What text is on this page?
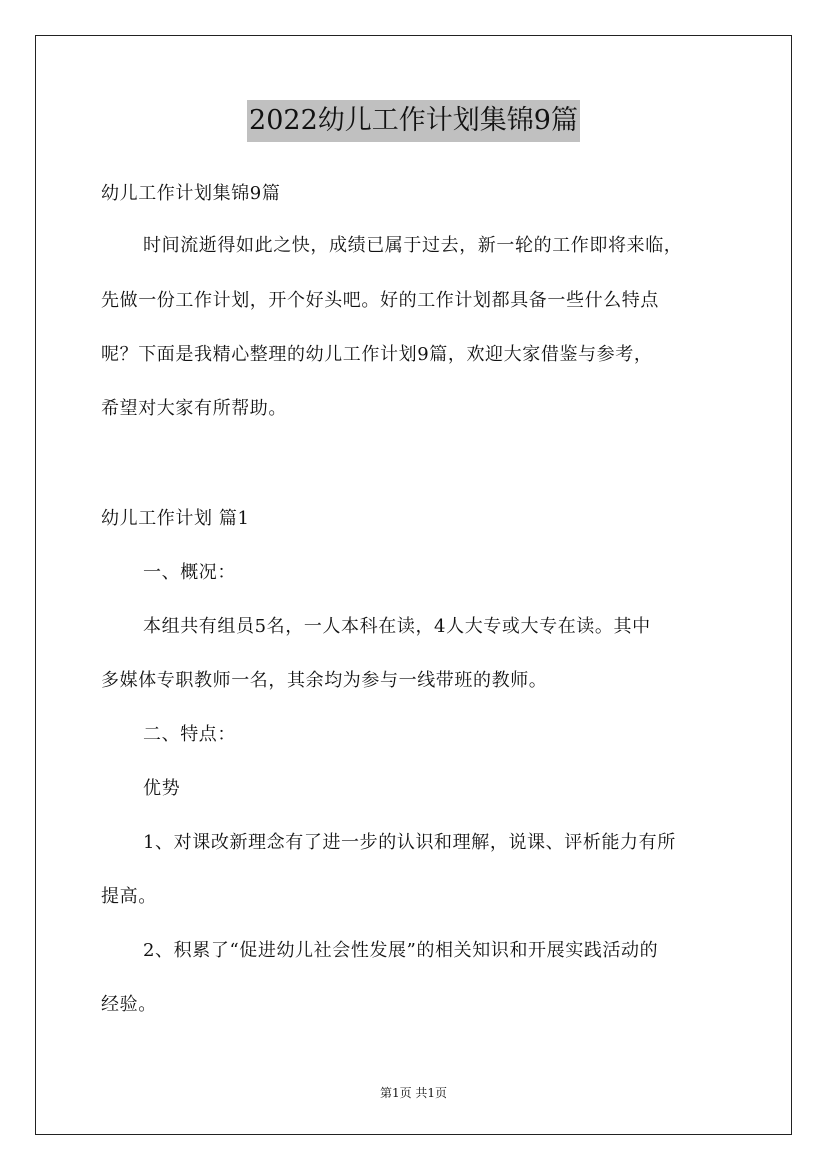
2022幼儿工作计划集锦9篇
幼儿工作计划集锦9篇
时间流逝得如此之快，成绩已属于过去，新一轮的工作即将来临，
先做一份工作计划，开个好头吧。好的工作计划都具备一些什么特点
呢？下面是我精心整理的幼儿工作计划9篇，欢迎大家借鉴与参考，
希望对大家有所帮助。
幼儿工作计划 篇1
一、概况：
本组共有组员5名，一人本科在读，4人大专或大专在读。其中
多媒体专职教师一名，其余均为参与一线带班的教师。
二、特点：
优势
1、对课改新理念有了进一步的认识和理解，说课、评析能力有所
提高。
2、积累了“促进幼儿社会性发展”的相关知识和开展实践活动的
经验。
第1页 共1页
